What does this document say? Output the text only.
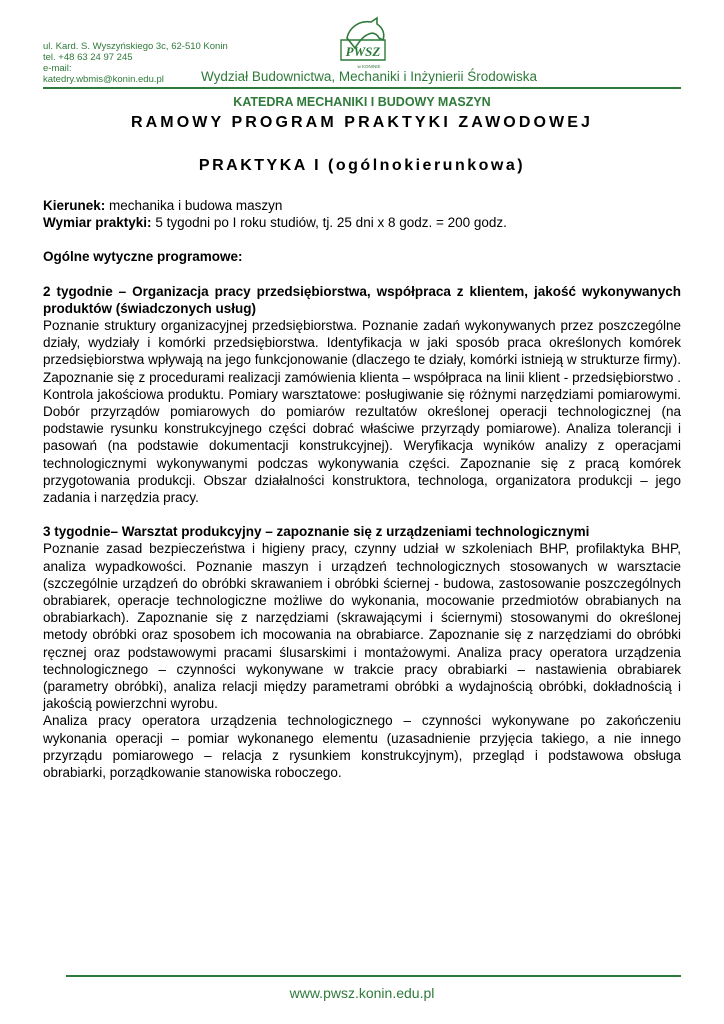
ul. Kard. S. Wyszyńskiego 3c, 62-510 Konin
tel. +48 63 24 97 245
e-mail:
katedry.wbmis@konin.edu.pl
PWSZ
w KONINIE
Wydział Budownictwa, Mechaniki i Inżynierii Środowiska
KATEDRA MECHANIKI I BUDOWY MASZYN
RAMOWY PROGRAM PRAKTYKI ZAWODOWEJ
PRAKTYKA I (ogólnokierunkowa)

Kierunek: mechanika i budowa maszyn

Wymiar praktyki: 5 tygodni po I roku studiów, tj. 25 dni x 8 godz. = 200 godz.

Ogólne wytyczne programowe:

2 tygodnie – Organizacja pracy przedsiębiorstwa, współpraca z klientem, jakość wykonywanych produktów (świadczonych usług)

Poznanie struktury organizacyjnej przedsiębiorstwa. Poznanie zadań wykonywanych przez poszczególne działy, wydziały i komórki przedsiębiorstwa. Identyfikacja w jaki sposób praca określonych komórek przedsiębiorstwa wpływają na jego funkcjonowanie (dlaczego te działy, komórki istnieją w strukturze firmy). Zapoznanie się z procedurami realizacji zamówienia klienta – współpraca na linii klient - przedsiębiorstwo . Kontrola jakościowa produktu. Pomiary warsztatowe: posługiwanie się różnymi narzędziami pomiarowymi. Dobór przyrządów pomiarowych do pomiarów rezultatów określonej operacji technologicznej (na podstawie rysunku konstrukcyjnego części dobrać właściwe przyrządy pomiarowe). Analiza tolerancji i pasowań (na podstawie dokumentacji konstrukcyjnej). Weryfikacja wyników analizy z operacjami technologicznymi wykonywanymi podczas wykonywania części. Zapoznanie się z pracą komórek przygotowania produkcji. Obszar działalności konstruktora, technologa, organizatora produkcji – jego zadania i narzędzia pracy.

3 tygodnie– Warsztat produkcyjny – zapoznanie się z urządzeniami technologicznymi

Poznanie zasad bezpieczeństwa i higieny pracy, czynny udział w szkoleniach BHP, profilaktyka BHP, analiza wypadkowości. Poznanie maszyn i urządzeń technologicznych stosowanych w warsztacie (szczególnie urządzeń do obróbki skrawaniem i obróbki ściernej - budowa, zastosowanie poszczególnych obrabiarek, operacje technologiczne możliwe do wykonania, mocowanie przedmiotów obrabianych na obrabiarkach). Zapoznanie się z narzędziami (skrawającymi i ściernymi) stosowanymi do określonej metody obróbki oraz sposobem ich mocowania na obrabiarce. Zapoznanie się z narzędziami do obróbki ręcznej oraz podstawowymi pracami ślusarskimi i montażowymi. Analiza pracy operatora urządzenia technologicznego – czynności wykonywane w trakcie pracy obrabiarki – nastawienia obrabiarek (parametry obróbki), analiza relacji między parametrami obróbki a wydajnością obróbki, dokładnością i jakością powierzchni wyrobu.

Analiza pracy operatora urządzenia technologicznego – czynności wykonywane po zakończeniu wykonania operacji – pomiar wykonanego elementu (uzasadnienie przyjęcia takiego, a nie innego przyrządu pomiarowego – relacja z rysunkiem konstrukcyjnym), przegląd i podstawowa obsługa obrabiarki, porządkowanie stanowiska roboczego.

www.pwsz.konin.edu.pl
